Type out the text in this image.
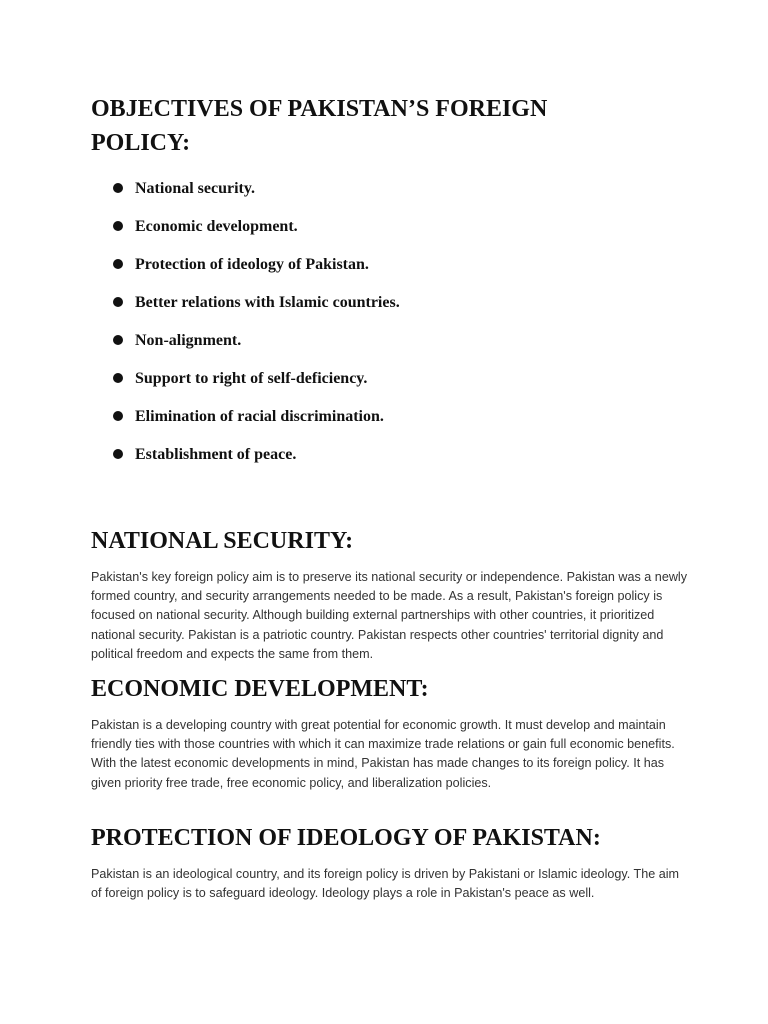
OBJECTIVES OF PAKISTAN’S FOREIGN POLICY:
National security.
Economic development.
Protection of ideology of Pakistan.
Better relations with Islamic countries.
Non-alignment.
Support to right of self-deficiency.
Elimination of racial discrimination.
Establishment of peace.
NATIONAL SECURITY:

Pakistan's key foreign policy aim is to preserve its national security or independence. Pakistan was a newly formed country, and security arrangements needed to be made. As a result, Pakistan's foreign policy is focused on national security. Although building external partnerships with other countries, it prioritized national security. Pakistan is a patriotic country. Pakistan respects other countries' territorial dignity and political freedom and expects the same from them.

ECONOMIC DEVELOPMENT:

Pakistan is a developing country with great potential for economic growth. It must develop and maintain friendly ties with those countries with which it can maximize trade relations or gain full economic benefits. With the latest economic developments in mind, Pakistan has made changes to its foreign policy. It has given priority free trade, free economic policy, and liberalization policies.

PROTECTION OF IDEOLOGY OF PAKISTAN:

Pakistan is an ideological country, and its foreign policy is driven by Pakistani or Islamic ideology. The aim of foreign policy is to safeguard ideology. Ideology plays a role in Pakistan's peace as well.
